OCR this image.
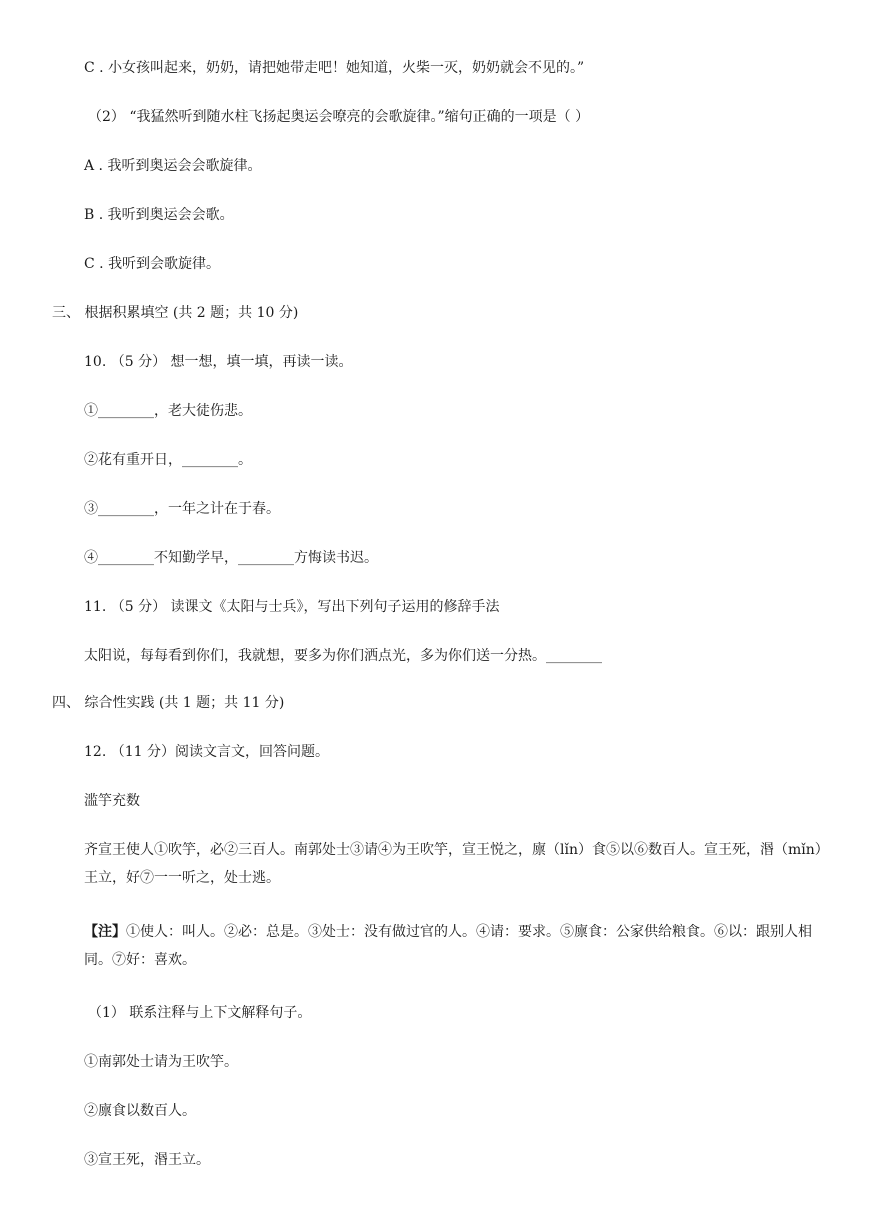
C . 小女孩叫起来，奶奶，请把她带走吧！她知道，火柴一灭，奶奶就会不见的。”
（2） “我猛然听到随水柱飞扬起奥运会嘹亮的会歌旋律。”缩句正确的一项是（ ）
A . 我听到奥运会会歌旋律。
B . 我听到奥运会会歌。
C . 我听到会歌旋律。
三、 根据积累填空 (共 2 题；共 10 分)
10. （5 分） 想一想，填一填，再读一读。
①________，老大徒伤悲。
②花有重开日，________。
③________，一年之计在于春。
④________不知勤学早，________方悔读书迟。
11. （5 分） 读课文《太阳与士兵》，写出下列句子运用的修辞手法
太阳说，每每看到你们，我就想，要多为你们洒点光，多为你们送一分热。________
四、 综合性实践 (共 1 题；共 11 分)
12. （11 分）阅读文言文，回答问题。
滥竽充数
齐宣王使人①吹竽，必②三百人。南郭处士③请④为王吹竽，宣王悦之，廪（lǐn）食⑤以⑥数百人。宣王死，湣（mǐn）王立，好⑦一一听之，处士逃。
【注】①使人：叫人。②必：总是。③处士：没有做过官的人。④请：要求。⑤廪食：公家供给粮食。⑥以：跟别人相同。⑦好：喜欢。
（1） 联系注释与上下文解释句子。
①南郭处士请为王吹竽。
②廪食以数百人。
③宣王死，湣王立。
